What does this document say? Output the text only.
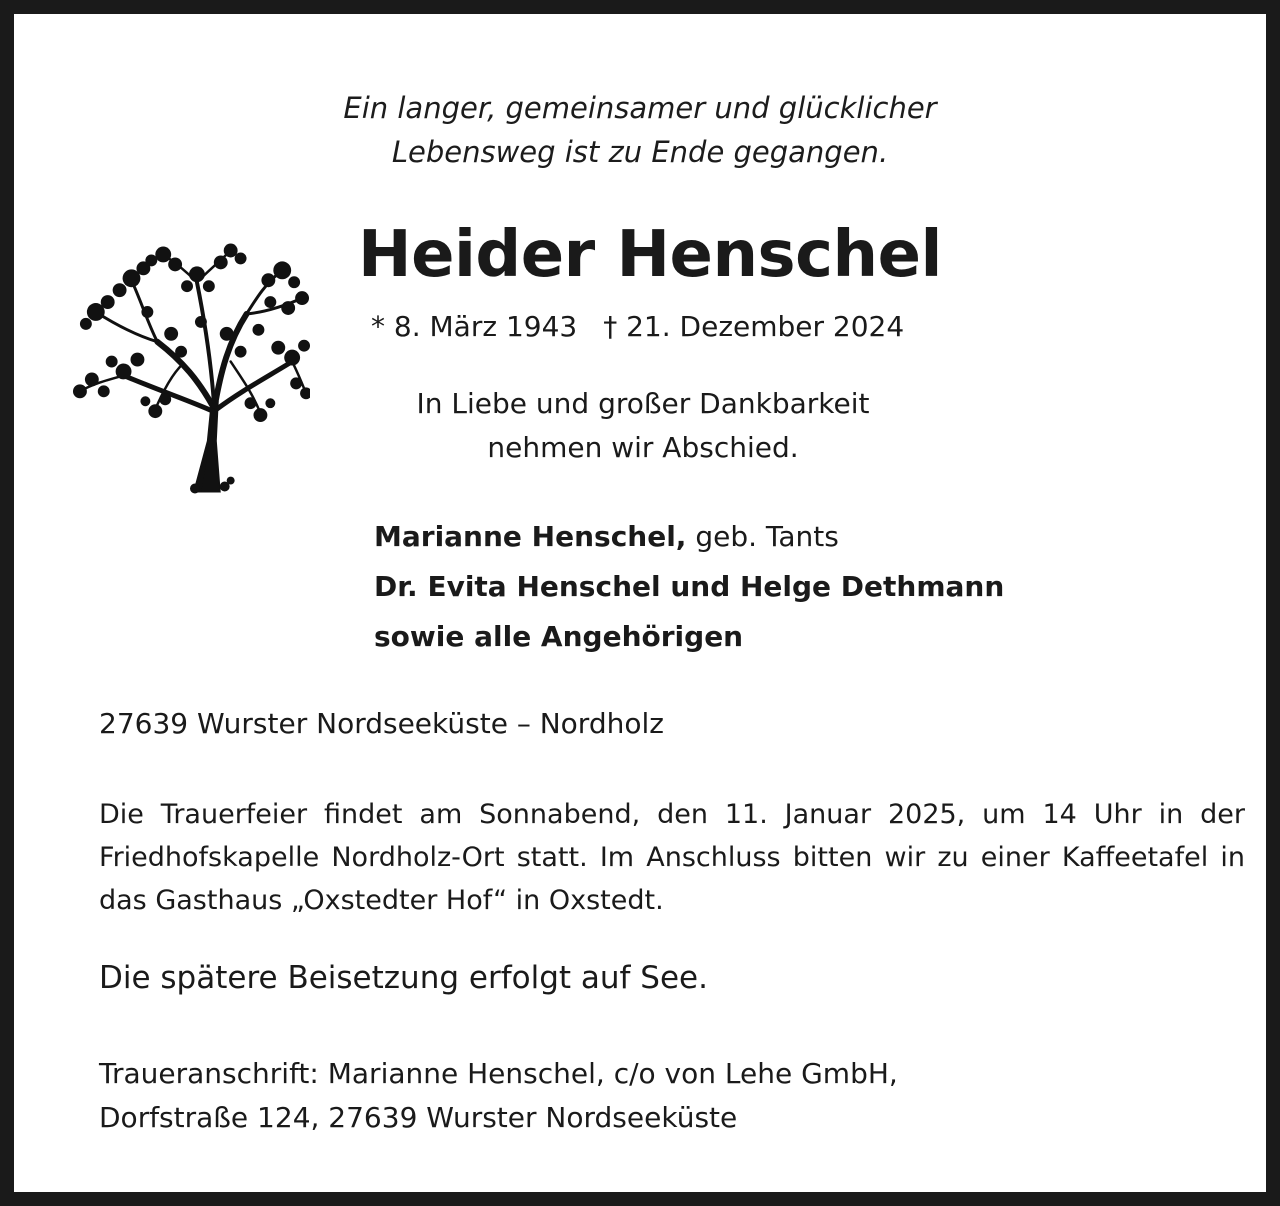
Ein langer, gemeinsamer und glücklicher
Lebensweg ist zu Ende gegangen.
Heider Henschel
* 8. März 1943 † 21. Dezember 2024
In Liebe und großer Dankbarkeit
nehmen wir Abschied.
Marianne Henschel, geb. Tants
Dr. Evita Henschel und Helge Dethmann
sowie alle Angehörigen
27639 Wurster Nordseeküste – Nordholz
Die Trauerfeier findet am Sonnabend, den 11. Januar 2025, um 14 Uhr in der Friedhofskapelle Nordholz-Ort statt. Im Anschluss bitten wir zu einer Kaffeetafel in das Gasthaus „Oxstedter Hof“ in Oxstedt.
Die spätere Beisetzung erfolgt auf See.
Traueranschrift: Marianne Henschel, c/o von Lehe GmbH,
Dorfstraße 124, 27639 Wurster Nordseeküste
